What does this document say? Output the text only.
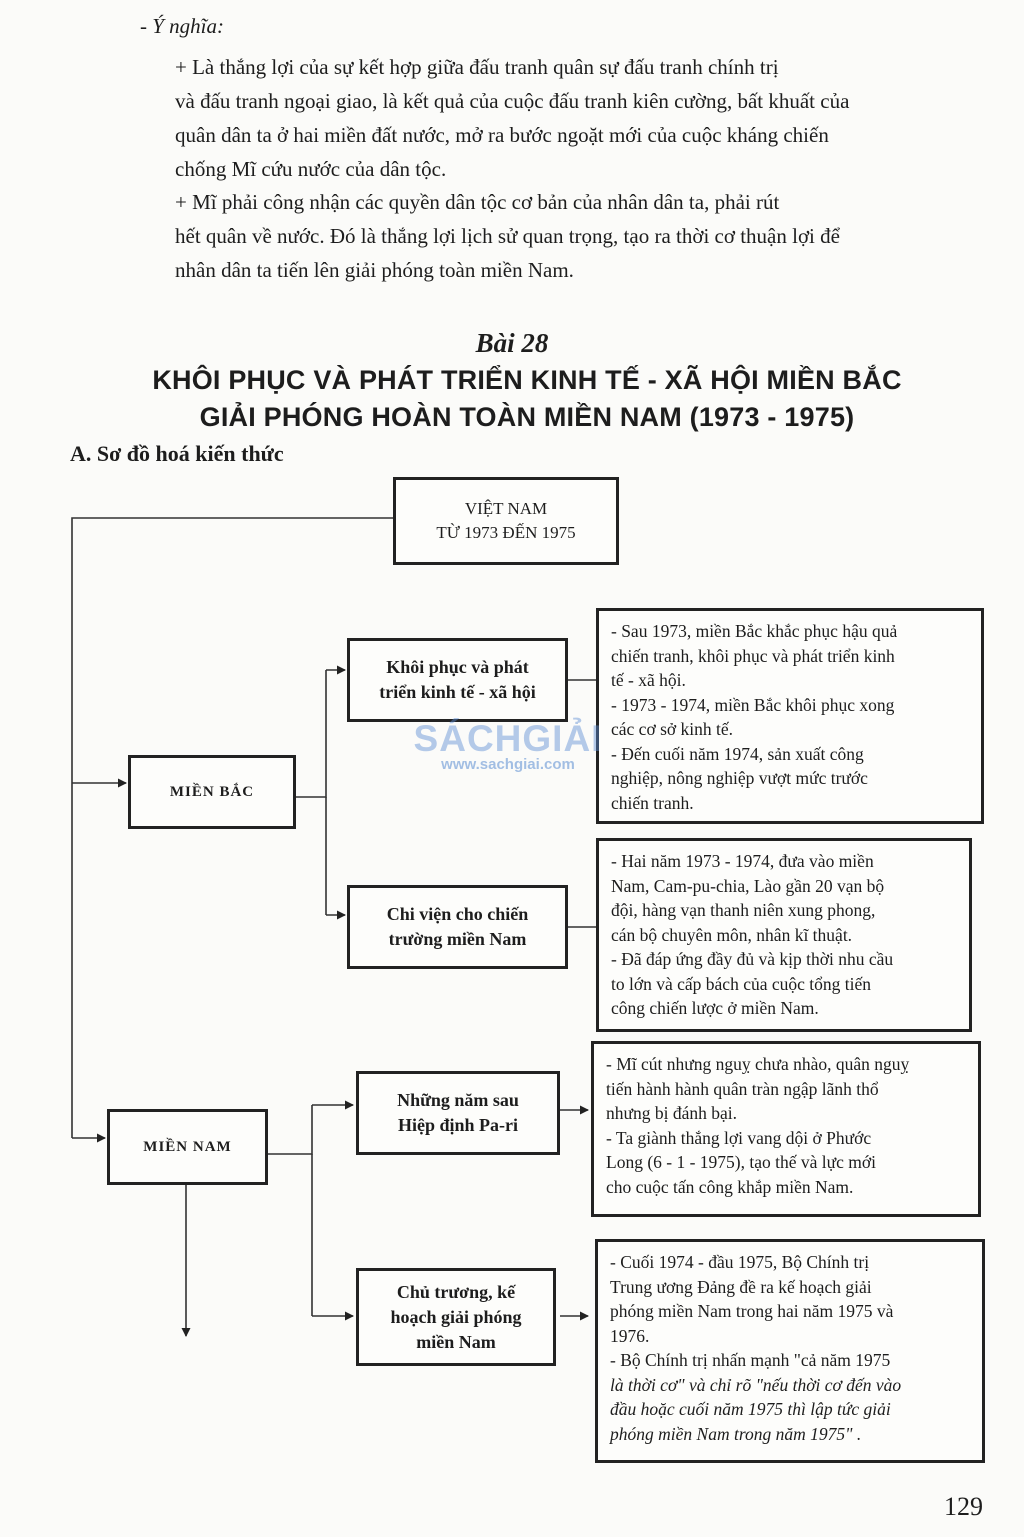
- Ý nghĩa:
+ Là thắng lợi của sự kết hợp giữa đấu tranh quân sự đấu tranh chính trị
và đấu tranh ngoại giao, là kết quả của cuộc đấu tranh kiên cường, bất khuất của
quân dân ta ở hai miền đất nước, mở ra bước ngoặt mới của cuộc kháng chiến
chống Mĩ cứu nước của dân tộc.
+ Mĩ phải công nhận các quyền dân tộc cơ bản của nhân dân ta, phải rút
hết quân về nước. Đó là thắng lợi lịch sử quan trọng, tạo ra thời cơ thuận lợi để
nhân dân ta tiến lên giải phóng toàn miền Nam.
Bài 28
KHÔI PHỤC VÀ PHÁT TRIỂN KINH TẾ - XÃ HỘI MIỀN BẮC
GIẢI PHÓNG HOÀN TOÀN MIỀN NAM (1973 - 1975)
A. Sơ đồ hoá kiến thức
VIỆT NAM
TỪ 1973 ĐẾN 1975
MIỀN BẮC
Khôi phục và phát
triển kinh tế - xã hội
- Sau 1973, miền Bắc khắc phục hậu quả
chiến tranh, khôi phục và phát triển kinh
tế - xã hội.
- 1973 - 1974, miền Bắc khôi phục xong
các cơ sở kinh tế.
- Đến cuối năm 1974, sản xuất công
nghiệp, nông nghiệp vượt mức trước
chiến tranh.
Chi viện cho chiến
trường miền Nam
- Hai năm 1973 - 1974, đưa vào miền
Nam, Cam-pu-chia, Lào gần 20 vạn bộ
đội, hàng vạn thanh niên xung phong,
cán bộ chuyên môn, nhân kĩ thuật.
- Đã đáp ứng đầy đủ và kịp thời nhu cầu
to lớn và cấp bách của cuộc tổng tiến
công chiến lược ở miền Nam.
MIỀN NAM
Những năm sau
Hiệp định Pa-ri
- Mĩ cút nhưng nguỵ chưa nhào, quân nguỵ
tiến hành hành quân tràn ngập lãnh thổ
nhưng bị đánh bại.
- Ta giành thắng lợi vang dội ở Phước
Long (6 - 1 - 1975), tạo thế và lực mới
cho cuộc tấn công khắp miền Nam.
Chủ trương, kế
hoạch giải phóng
miền Nam
- Cuối 1974 - đầu 1975, Bộ Chính trị
Trung ương Đảng đề ra kế hoạch giải
phóng miền Nam trong hai năm 1975 và
1976.
- Bộ Chính trị nhấn mạnh "cả năm 1975
là thời cơ" và chỉ rõ "nếu thời cơ đến vào
đầu hoặc cuối năm 1975 thì lập tức giải
phóng miền Nam trong năm 1975" .
SÁCHGIẢI
www.sachgiai.com
129
